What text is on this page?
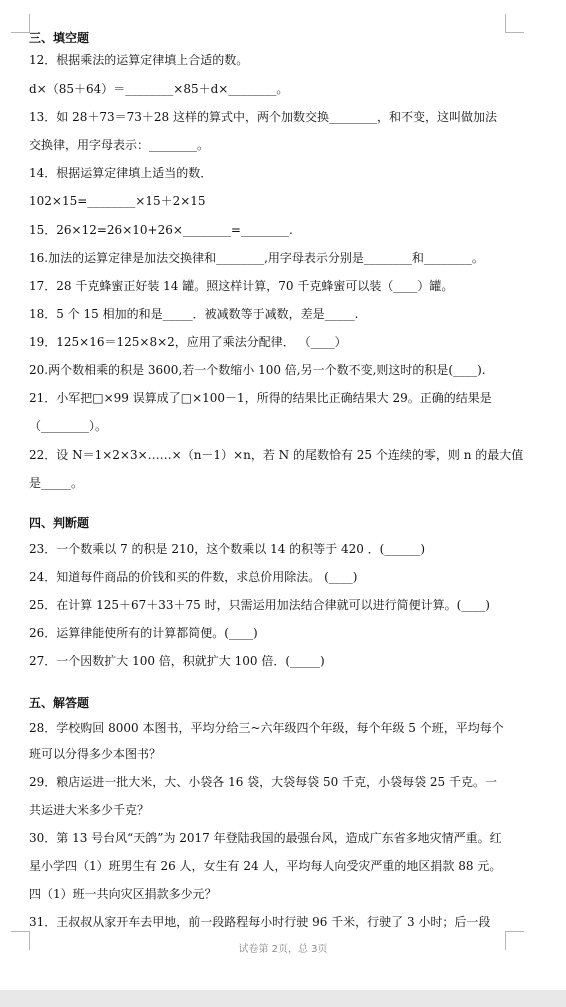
三、填空题
12．根据乘法的运算定律填上合适的数。
d×（85＋64）＝________×85＋d×________。
13．如 28＋73＝73＋28 这样的算式中，两个加数交换________，和不变，这叫做加法
交换律，用字母表示：________。
14．根据运算定律填上适当的数．
102×15=________×15＋2×15
15．26×12=26×10+26×________=________.
16.加法的运算定律是加法交换律和________,用字母表示分别是________和________。
17．28 千克蜂蜜正好装 14 罐。照这样计算，70 千克蜂蜜可以装（____）罐。
18．5 个 15 相加的和是_____．被减数等于减数，差是_____.
19．125×16＝125×8×2，应用了乘法分配律． （____）
20.两个数相乘的积是 3600,若一个数缩小 100 倍,另一个数不变,则这时的积是(____).
21．小军把□×99 误算成了□×100－1，所得的结果比正确结果大 29。正确的结果是
（________）。
22．设 N＝1×2×3×……×（n－1）×n，若 N 的尾数恰有 25 个连续的零，则 n 的最大值
是_____。
四、判断题
23．一个数乘以 7 的积是 210，这个数乘以 14 的积等于 420 ．(______)
24．知道每件商品的价钱和买的件数，求总价用除法。 (____)
25．在计算 125＋67＋33＋75 时，只需运用加法结合律就可以进行简便计算。(____)
26．运算律能使所有的计算都简便。(____)
27．一个因数扩大 100 倍，积就扩大 100 倍．(_____)
五、解答题
28．学校购回 8000 本图书，平均分给三~六年级四个年级，每个年级 5 个班，平均每个
班可以分得多少本图书？
29．粮店运进一批大米，大、小袋各 16 袋，大袋每袋 50 千克，小袋每袋 25 千克。一
共运进大米多少千克？
30．第 13 号台风“天鸽”为 2017 年登陆我国的最强台风，造成广东省多地灾情严重。红
星小学四（1）班男生有 26 人，女生有 24 人，平均每人向受灾严重的地区捐款 88 元。
四（1）班一共向灾区捐款多少元？
31．王叔叔从家开车去甲地，前一段路程每小时行驶 96 千米，行驶了 3 小时；后一段
试卷第 2页，总 3页
